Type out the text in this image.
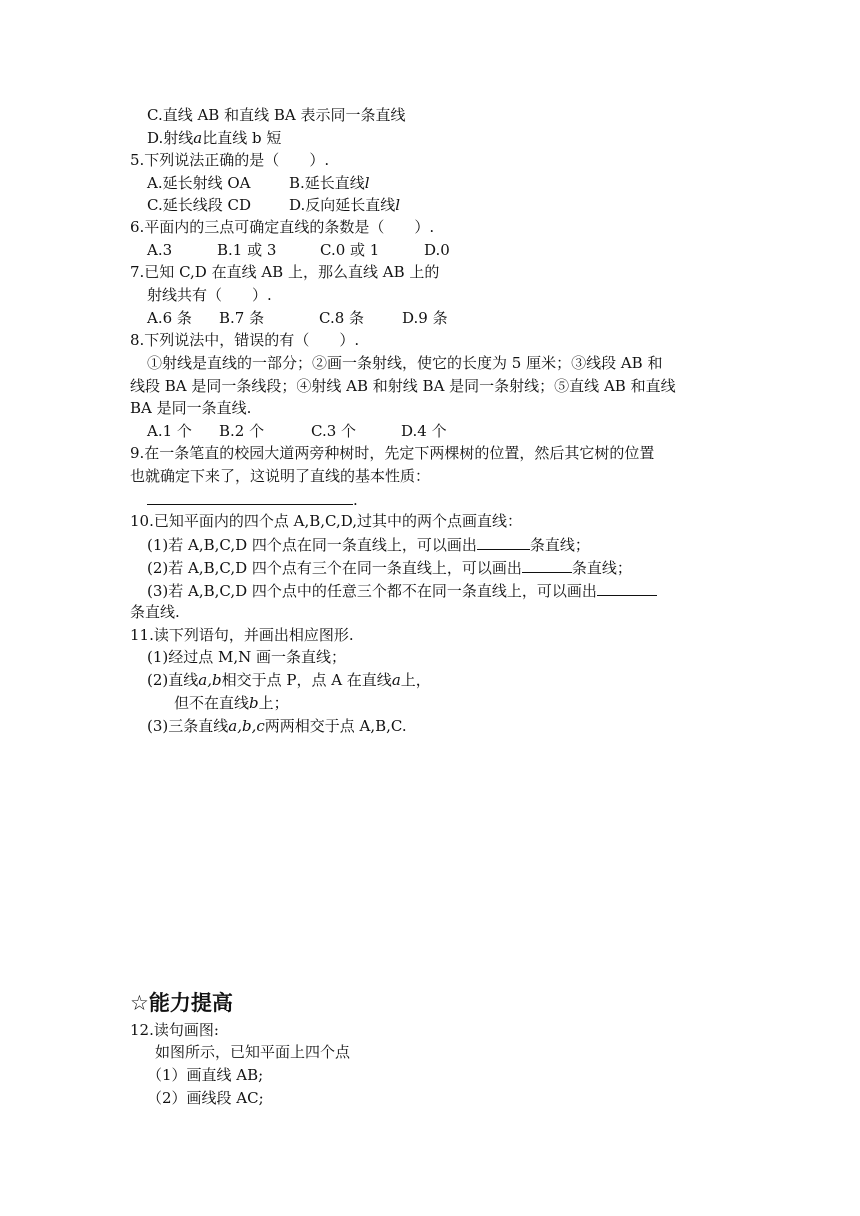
C.直线 AB 和直线 BA 表示同一条直线
D.射线a比直线 b 短
5.下列说法正确的是（　　）.
A.延长射线 OA	B.延长直线l
C.延长线段 CD	D.反向延长直线l
6.平面内的三点可确定直线的条数是（　　）.
A.3	B.1 或 3	C.0 或 1	D.0
7.已知 C,D 在直线 AB 上，那么直线 AB 上的
射线共有（　　）.
A.6 条 B.7 条	C.8 条	D.9 条
8.下列说法中，错误的有（　　）.
①射线是直线的一部分；②画一条射线，使它的长度为 5 厘米；③线段 AB 和
线段 BA 是同一条线段；④射线 AB 和射线 BA 是同一条射线；⑤直线 AB 和直线
BA 是同一条直线.
A.1 个 B.2 个	C.3 个	D.4 个
9.在一条笔直的校园大道两旁种树时，先定下两棵树的位置，然后其它树的位置
也就确定下来了，这说明了直线的基本性质：
.
10.已知平面内的四个点 A,B,C,D,过其中的两个点画直线：
(1)若 A,B,C,D 四个点在同一条直线上，可以画出	条直线；
(2)若 A,B,C,D 四个点有三个在同一条直线上，可以画出	条直线；
(3)若 A,B,C,D 四个点中的任意三个都不在同一条直线上，可以画出
条直线.
11.读下列语句，并画出相应图形.
(1)经过点 M,N 画一条直线；
(2)直线a,b相交于点 P，点 A 在直线a上，
但不在直线b上；
(3)三条直线a,b,c两两相交于点 A,B,C.
☆能力提高
12.读句画图:
如图所示，已知平面上四个点
（1）画直线 AB;
（2）画线段 AC;
